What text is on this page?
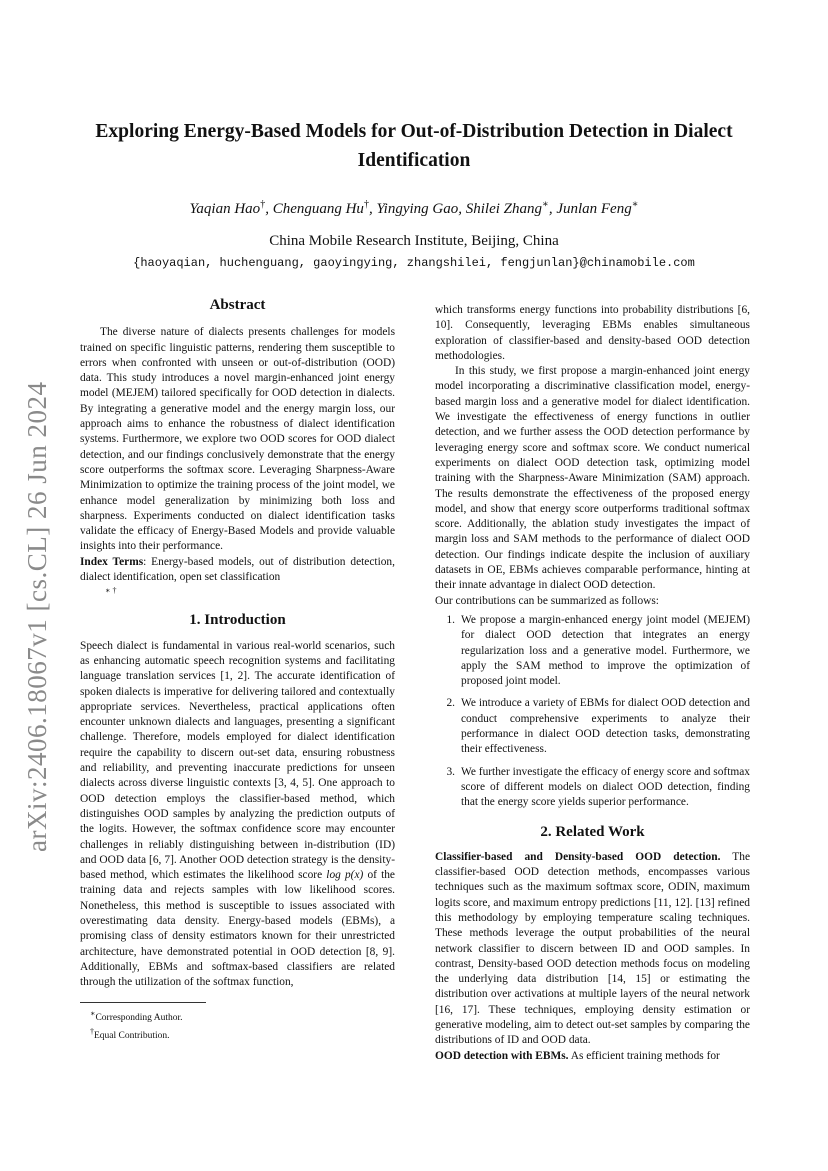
arXiv:2406.18067v1 [cs.CL] 26 Jun 2024
Exploring Energy-Based Models for Out-of-Distribution Detection in Dialect Identification
Yaqian Hao†, Chenguang Hu†, Yingying Gao, Shilei Zhang∗, Junlan Feng∗
China Mobile Research Institute, Beijing, China
{haoyaqian, huchenguang, gaoyingying, zhangshilei, fengjunlan}@chinamobile.com
Abstract

The diverse nature of dialects presents challenges for models trained on specific linguistic patterns, rendering them susceptible to errors when confronted with unseen or out-of-distribution (OOD) data. This study introduces a novel margin-enhanced joint energy model (MEJEM) tailored specifically for OOD detection in dialects. By integrating a generative model and the energy margin loss, our approach aims to enhance the robustness of dialect identification systems. Furthermore, we explore two OOD scores for OOD dialect detection, and our findings conclusively demonstrate that the energy score outperforms the softmax score. Leveraging Sharpness-Aware Minimization to optimize the training process of the joint model, we enhance model generalization by minimizing both loss and sharpness. Experiments conducted on dialect identification tasks validate the efficacy of Energy-Based Models and provide valuable insights into their performance.

Index Terms: Energy-based models, out of distribution detection, dialect identification, open set classification

∗ †
1. Introduction

Speech dialect is fundamental in various real-world scenarios, such as enhancing automatic speech recognition systems and facilitating language translation services [1, 2]. The accurate identification of spoken dialects is imperative for delivering tailored and contextually appropriate services. Nevertheless, practical applications often encounter unknown dialects and languages, presenting a significant challenge. Therefore, models employed for dialect identification require the capability to discern out-set data, ensuring robustness and reliability, and preventing inaccurate predictions for unseen dialects across diverse linguistic contexts [3, 4, 5]. One approach to OOD detection employs the classifier-based method, which distinguishes OOD samples by analyzing the prediction outputs of the logits. However, the softmax confidence score may encounter challenges in reliably distinguishing between in-distribution (ID) and OOD data [6, 7]. Another OOD detection strategy is the density-based method, which estimates the likelihood score log p(x) of the training data and rejects samples with low likelihood scores. Nonetheless, this method is susceptible to issues associated with overestimating data density. Energy-based models (EBMs), a promising class of density estimators known for their unrestricted architecture, have demonstrated potential in OOD detection [8, 9]. Additionally, EBMs and softmax-based classifiers are related through the utilization of the softmax function,

∗Corresponding Author.
†Equal Contribution.

which transforms energy functions into probability distributions [6, 10]. Consequently, leveraging EBMs enables simultaneous exploration of classifier-based and density-based OOD detection methodologies.

In this study, we first propose a margin-enhanced joint energy model incorporating a discriminative classification model, energy-based margin loss and a generative model for dialect identification. We investigate the effectiveness of energy functions in outlier detection, and we further assess the OOD detection performance by leveraging energy score and softmax score. We conduct numerical experiments on dialect OOD detection task, optimizing model training with the Sharpness-Aware Minimization (SAM) approach. The results demonstrate the effectiveness of the proposed energy model, and show that energy score outperforms traditional softmax score. Additionally, the ablation study investigates the impact of margin loss and SAM methods to the performance of dialect OOD detection. Our findings indicate despite the inclusion of auxiliary datasets in OE, EBMs achieves comparable performance, hinting at their innate advantage in dialect OOD detection.

Our contributions can be summarized as follows:

1. We propose a margin-enhanced energy joint model (MEJEM) for dialect OOD detection that integrates an energy regularization loss and a generative model. Furthermore, we apply the SAM method to improve the optimization of proposed joint model.
2. We introduce a variety of EBMs for dialect OOD detection and conduct comprehensive experiments to analyze their performance in dialect OOD detection tasks, demonstrating their effectiveness.
3. We further investigate the efficacy of energy score and softmax score of different models on dialect OOD detection, finding that the energy score yields superior performance.
2. Related Work

Classifier-based and Density-based OOD detection. The classifier-based OOD detection methods, encompasses various techniques such as the maximum softmax score, ODIN, maximum logits score, and maximum entropy predictions [11, 12]. [13] refined this methodology by employing temperature scaling techniques. These methods leverage the output probabilities of the neural network classifier to discern between ID and OOD samples. In contrast, Density-based OOD detection methods focus on modeling the underlying data distribution [14, 15] or estimating the distribution over activations at multiple layers of the neural network [16, 17]. These techniques, employing density estimation or generative modeling, aim to detect out-set samples by comparing the distributions of ID and OOD data.

OOD detection with EBMs. As efficient training methods for
